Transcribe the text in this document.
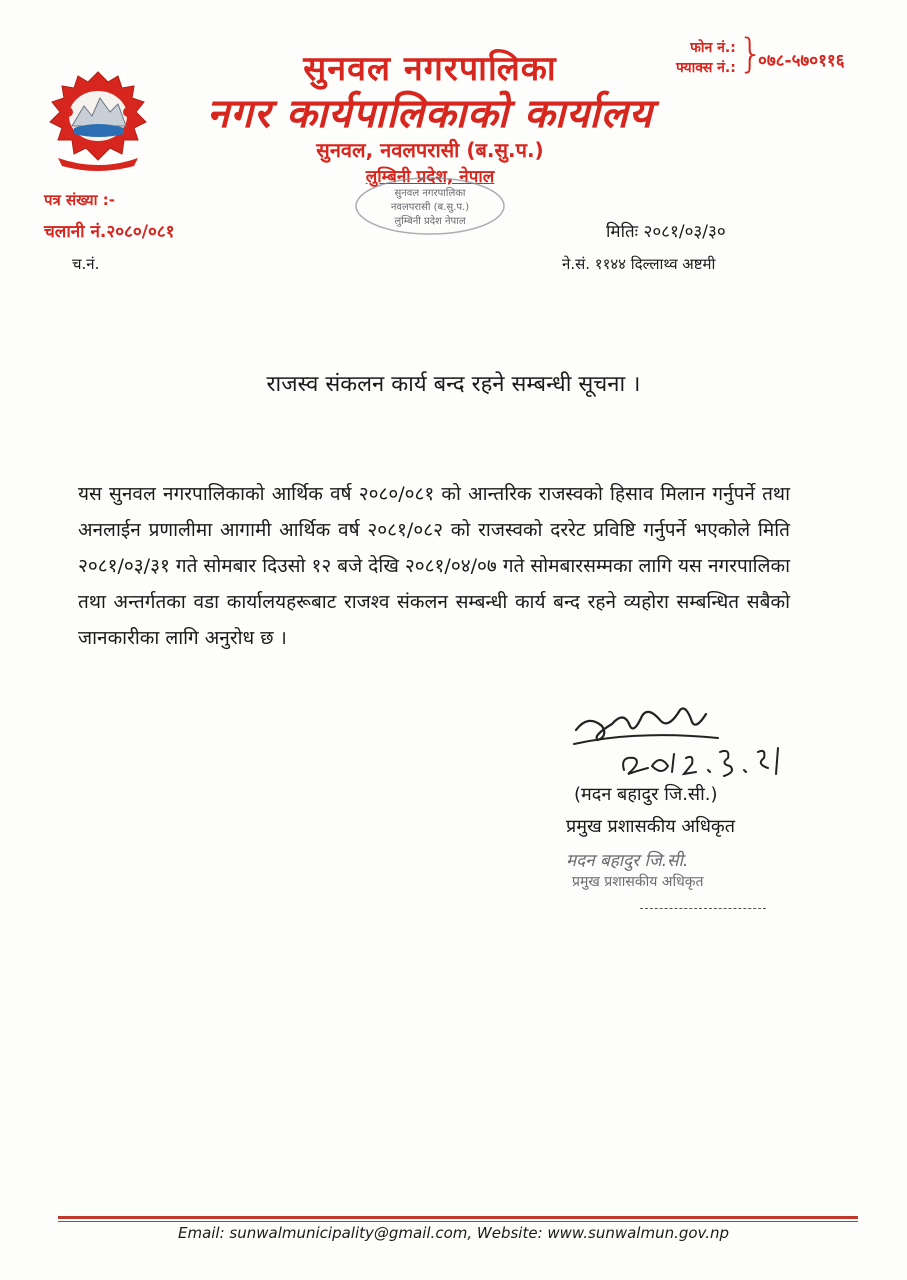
सुनवल नगरपालिका
नगर कार्यपालिकाको कार्यालय
सुनवल, नवलपरासी (ब.सु.प.)
लुम्बिनी प्रदेश, नेपाल
फोन नं.:
फ्याक्स नं.: }
०७८-५७०११६
पत्र संख्या :-
चलानी नं.२०८०/०८१
च.नं.
मितिः २०८१/०३/३०
ने.सं. ११४४ दिल्लाथ्व अष्टमी
सुनवल नगरपालिका
नवलपरासी (ब.सु.प.)
लुम्बिनी प्रदेश नेपाल
राजस्व संकलन कार्य बन्द रहने सम्बन्धी सूचना ।
यस सुनवल नगरपालिकाको आर्थिक वर्ष २०८०/०८१ को आन्तरिक राजस्वको हिसाव मिलान गर्नुपर्ने तथा अनलाईन प्रणालीमा आगामी आर्थिक वर्ष २०८१/०८२ को राजस्वको दररेट प्रविष्टि गर्नुपर्ने भएकोले मिति २०८१/०३/३१ गते सोमबार दिउसो १२ बजे देखि २०८१/०४/०७ गते सोमबारसम्मका लागि यस नगरपालिका तथा अन्तर्गतका वडा कार्यालयहरूबाट राजश्व संकलन सम्बन्धी कार्य बन्द रहने व्यहोरा सम्बन्धित सबैको जानकारीका लागि अनुरोध छ ।
(मदन बहादुर जि.सी.)
प्रमुख प्रशासकीय अधिकृत
मदन बहादुर जि.सी.
प्रमुख प्रशासकीय अधिकृत
Email: sunwalmunicipality@gmail.com, Website: www.sunwalmun.gov.np
